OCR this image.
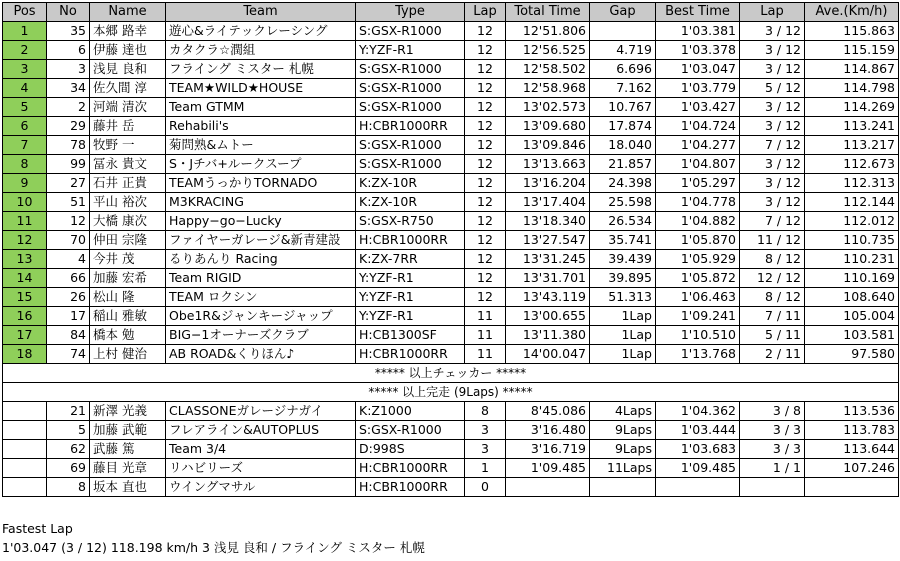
Pos	No	Name	Team	Type	Lap	Total Time	Gap	Best Time	Lap	Ave.(Km/h)
1	35	本郷 路幸	遊心&ライテックレーシング	S:GSX-R1000	12	12'51.806		1'03.381	3 / 12	115.863
2	6	伊藤 達也	カタクラ☆潤組	Y:YZF-R1	12	12'56.525	4.719	1'03.378	3 / 12	115.159
3	3	浅見 良和	フライング ミスター 札幌	S:GSX-R1000	12	12'58.502	6.696	1'03.047	3 / 12	114.867
4	34	佐久間 淳	TEAM★WILD★HOUSE	S:GSX-R1000	12	12'58.968	7.162	1'03.779	5 / 12	114.798
5	2	河端 清次	Team GTMM	S:GSX-R1000	12	13'02.573	10.767	1'03.427	3 / 12	114.269
6	29	藤井 岳	Rehabili's	H:CBR1000RR	12	13'09.680	17.874	1'04.724	3 / 12	113.241
7	78	牧野 一	菊問熟&ムトー	S:GSX-R1000	12	13'09.846	18.040	1'04.277	7 / 12	113.217
8	99	冨永 貴文	S・Jチバ+ルークスープ	S:GSX-R1000	12	13'13.663	21.857	1'04.807	3 / 12	112.673
9	27	石井 正貴	TEAMうっかりTORNADO	K:ZX-10R	12	13'16.204	24.398	1'05.297	3 / 12	112.313
10	51	平山 裕次	M3KRACING	K:ZX-10R	12	13'17.404	25.598	1'04.778	3 / 12	112.144
11	12	大橋 康次	Happy−go−Lucky	S:GSX-R750	12	13'18.340	26.534	1'04.882	7 / 12	112.012
12	70	仲田 宗隆	ファイヤーガレージ&新青建設	H:CBR1000RR	12	13'27.547	35.741	1'05.870	11 / 12	110.735
13	4	今井 茂	るりあんり Racing	K:ZX-7RR	12	13'31.245	39.439	1'05.929	8 / 12	110.231
14	66	加藤 宏希	Team RIGID	Y:YZF-R1	12	13'31.701	39.895	1'05.872	12 / 12	110.169
15	26	松山 隆	TEAM ロクシン	Y:YZF-R1	12	13'43.119	51.313	1'06.463	8 / 12	108.640
16	17	稲山 雅敏	Obe1R&ジャンキージャップ	Y:YZF-R1	11	13'00.655	1Lap	1'09.241	7 / 11	105.004
17	84	橋本 勉	BIG−1オーナーズクラブ	H:CB1300SF	11	13'11.380	1Lap	1'10.510	5 / 11	103.581
18	74	上村 健治	AB ROAD&くりほん♪	H:CBR1000RR	11	14'00.047	1Lap	1'13.768	2 / 11	97.580
***** 以上チェッカー *****										
***** 以上完走 (9Laps) *****										
	21	新澤 光義	CLASSONEガレージナガイ	K:Z1000	8	8'45.086	4Laps	1'04.362	3 / 8	113.536
	5	加藤 武範	フレアライン&AUTOPLUS	S:GSX-R1000	3	3'16.480	9Laps	1'03.444	3 / 3	113.783
	62	武藤 篤	Team 3/4	D:998S	3	3'16.719	9Laps	1'03.683	3 / 3	113.644
	69	藤目 光章	リハビリーズ	H:CBR1000RR	1	1'09.485	11Laps	1'09.485	1 / 1	107.246
	8	坂本 直也	ウイングマサル	H:CBR1000RR	0					
Fastest Lap
1'03.047 (3 / 12) 118.198 km/h 3 浅見 良和 / フライング ミスター 札幌
